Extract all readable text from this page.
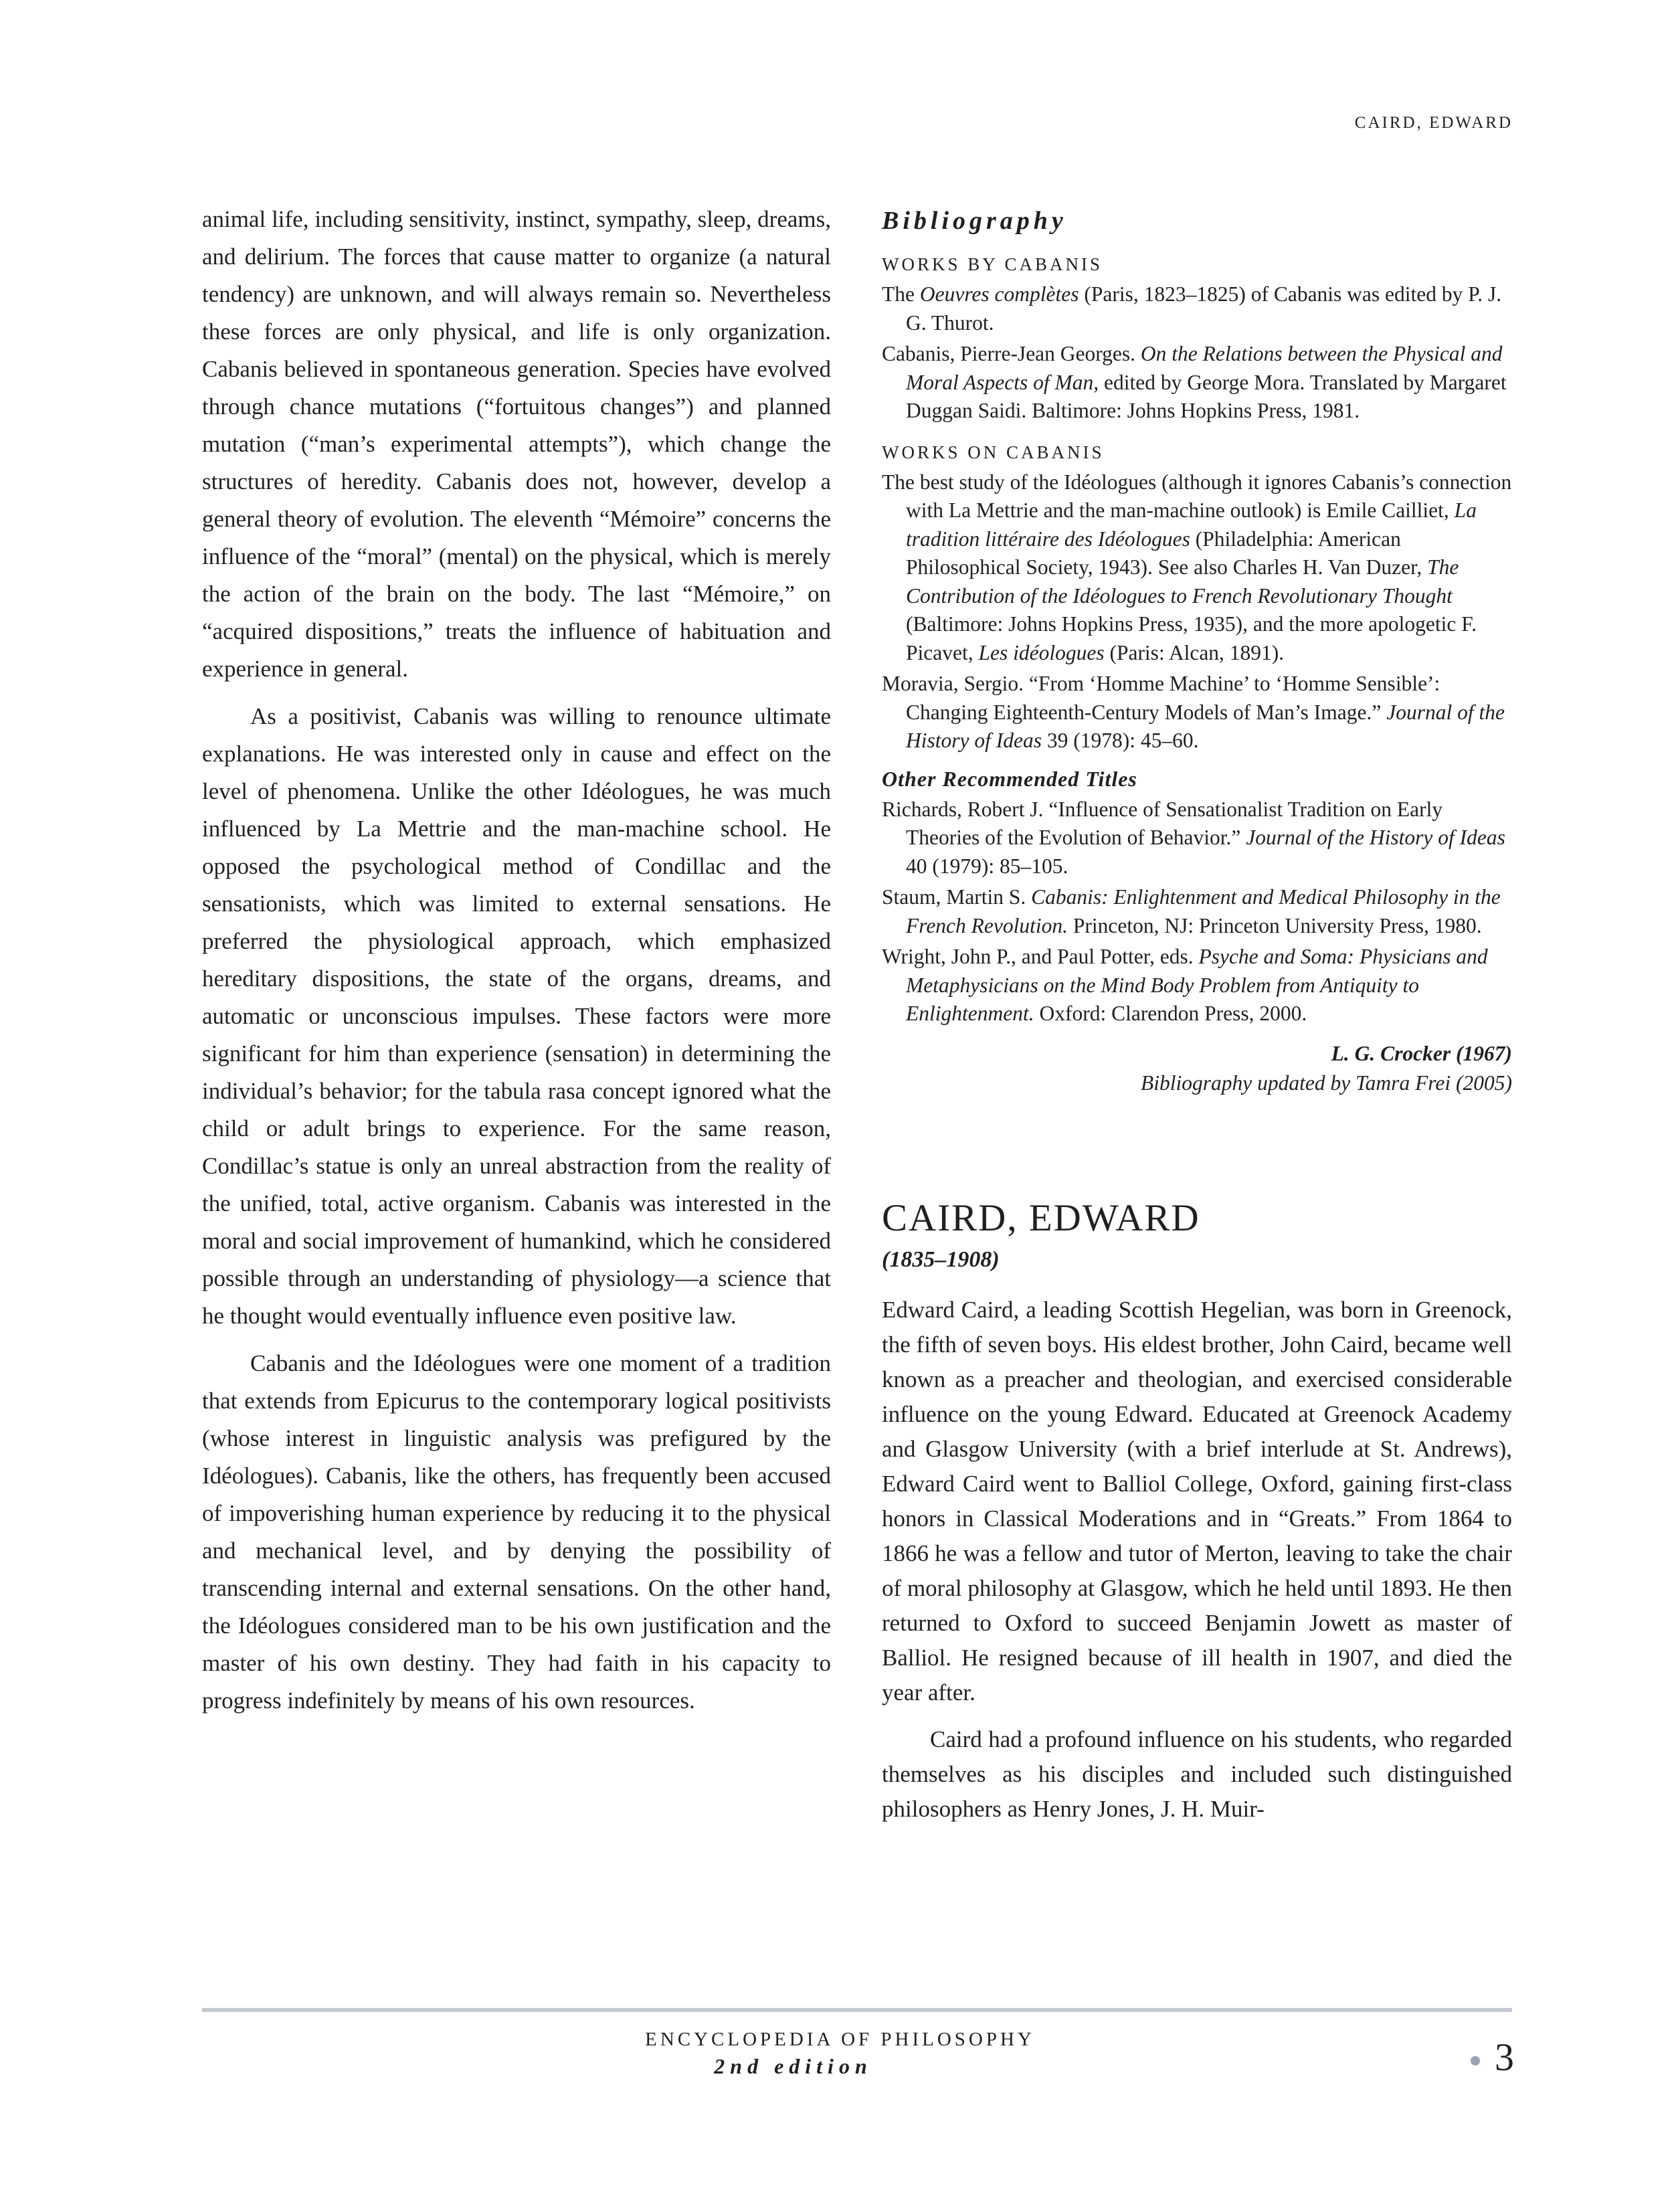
CAIRD, EDWARD

animal life, including sensitivity, instinct, sympathy, sleep, dreams, and delirium. The forces that cause matter to organize (a natural tendency) are unknown, and will always remain so. Nevertheless these forces are only physical, and life is only organization. Cabanis believed in spontaneous generation. Species have evolved through chance mutations (“fortuitous changes”) and planned mutation (“man’s experimental attempts”), which change the structures of heredity. Cabanis does not, however, develop a general theory of evolution. The eleventh “Mémoire” concerns the influence of the “moral” (mental) on the physical, which is merely the action of the brain on the body. The last “Mémoire,” on “acquired dispositions,” treats the influence of habituation and experience in general.

As a positivist, Cabanis was willing to renounce ultimate explanations. He was interested only in cause and effect on the level of phenomena. Unlike the other Idéologues, he was much influenced by La Mettrie and the man-machine school. He opposed the psychological method of Condillac and the sensationists, which was limited to external sensations. He preferred the physiological approach, which emphasized hereditary dispositions, the state of the organs, dreams, and automatic or unconscious impulses. These factors were more significant for him than experience (sensation) in determining the individual’s behavior; for the tabula rasa concept ignored what the child or adult brings to experience. For the same reason, Condillac’s statue is only an unreal abstraction from the reality of the unified, total, active organism. Cabanis was interested in the moral and social improvement of humankind, which he considered possible through an understanding of physiology—a science that he thought would eventually influence even positive law.

Cabanis and the Idéologues were one moment of a tradition that extends from Epicurus to the contemporary logical positivists (whose interest in linguistic analysis was prefigured by the Idéologues). Cabanis, like the others, has frequently been accused of impoverishing human experience by reducing it to the physical and mechanical level, and by denying the possibility of transcending internal and external sensations. On the other hand, the Idéologues considered man to be his own justification and the master of his own destiny. They had faith in his capacity to progress indefinitely by means of his own resources.

Bibliography
WORKS BY CABANIS
The Oeuvres complètes (Paris, 1823–1825) of Cabanis was edited by P. J. G. Thurot.
Cabanis, Pierre-Jean Georges. On the Relations between the Physical and Moral Aspects of Man, edited by George Mora. Translated by Margaret Duggan Saidi. Baltimore: Johns Hopkins Press, 1981.
WORKS ON CABANIS
The best study of the Idéologues (although it ignores Cabanis’s connection with La Mettrie and the man-machine outlook) is Emile Cailliet, La tradition littéraire des Idéologues (Philadelphia: American Philosophical Society, 1943). See also Charles H. Van Duzer, The Contribution of the Idéologues to French Revolutionary Thought (Baltimore: Johns Hopkins Press, 1935), and the more apologetic F. Picavet, Les idéologues (Paris: Alcan, 1891).
Moravia, Sergio. “From ‘Homme Machine’ to ‘Homme Sensible’: Changing Eighteenth-Century Models of Man’s Image.” Journal of the History of Ideas 39 (1978): 45–60.
Other Recommended Titles
Richards, Robert J. “Influence of Sensationalist Tradition on Early Theories of the Evolution of Behavior.” Journal of the History of Ideas 40 (1979): 85–105.
Staum, Martin S. Cabanis: Enlightenment and Medical Philosophy in the French Revolution. Princeton, NJ: Princeton University Press, 1980.
Wright, John P., and Paul Potter, eds. Psyche and Soma: Physicians and Metaphysicians on the Mind Body Problem from Antiquity to Enlightenment. Oxford: Clarendon Press, 2000.
L. G. Crocker (1967)
Bibliography updated by Tamra Frei (2005)
CAIRD, EDWARD
(1835–1908)

Edward Caird, a leading Scottish Hegelian, was born in Greenock, the fifth of seven boys. His eldest brother, John Caird, became well known as a preacher and theologian, and exercised considerable influence on the young Edward. Educated at Greenock Academy and Glasgow University (with a brief interlude at St. Andrews), Edward Caird went to Balliol College, Oxford, gaining first-class honors in Classical Moderations and in “Greats.” From 1864 to 1866 he was a fellow and tutor of Merton, leaving to take the chair of moral philosophy at Glasgow, which he held until 1893. He then returned to Oxford to succeed Benjamin Jowett as master of Balliol. He resigned because of ill health in 1907, and died the year after.

Caird had a profound influence on his students, who regarded themselves as his disciples and included such distinguished philosophers as Henry Jones, J. H. Muir-

ENCYCLOPEDIA OF PHILOSOPHY
2nd edition	3
